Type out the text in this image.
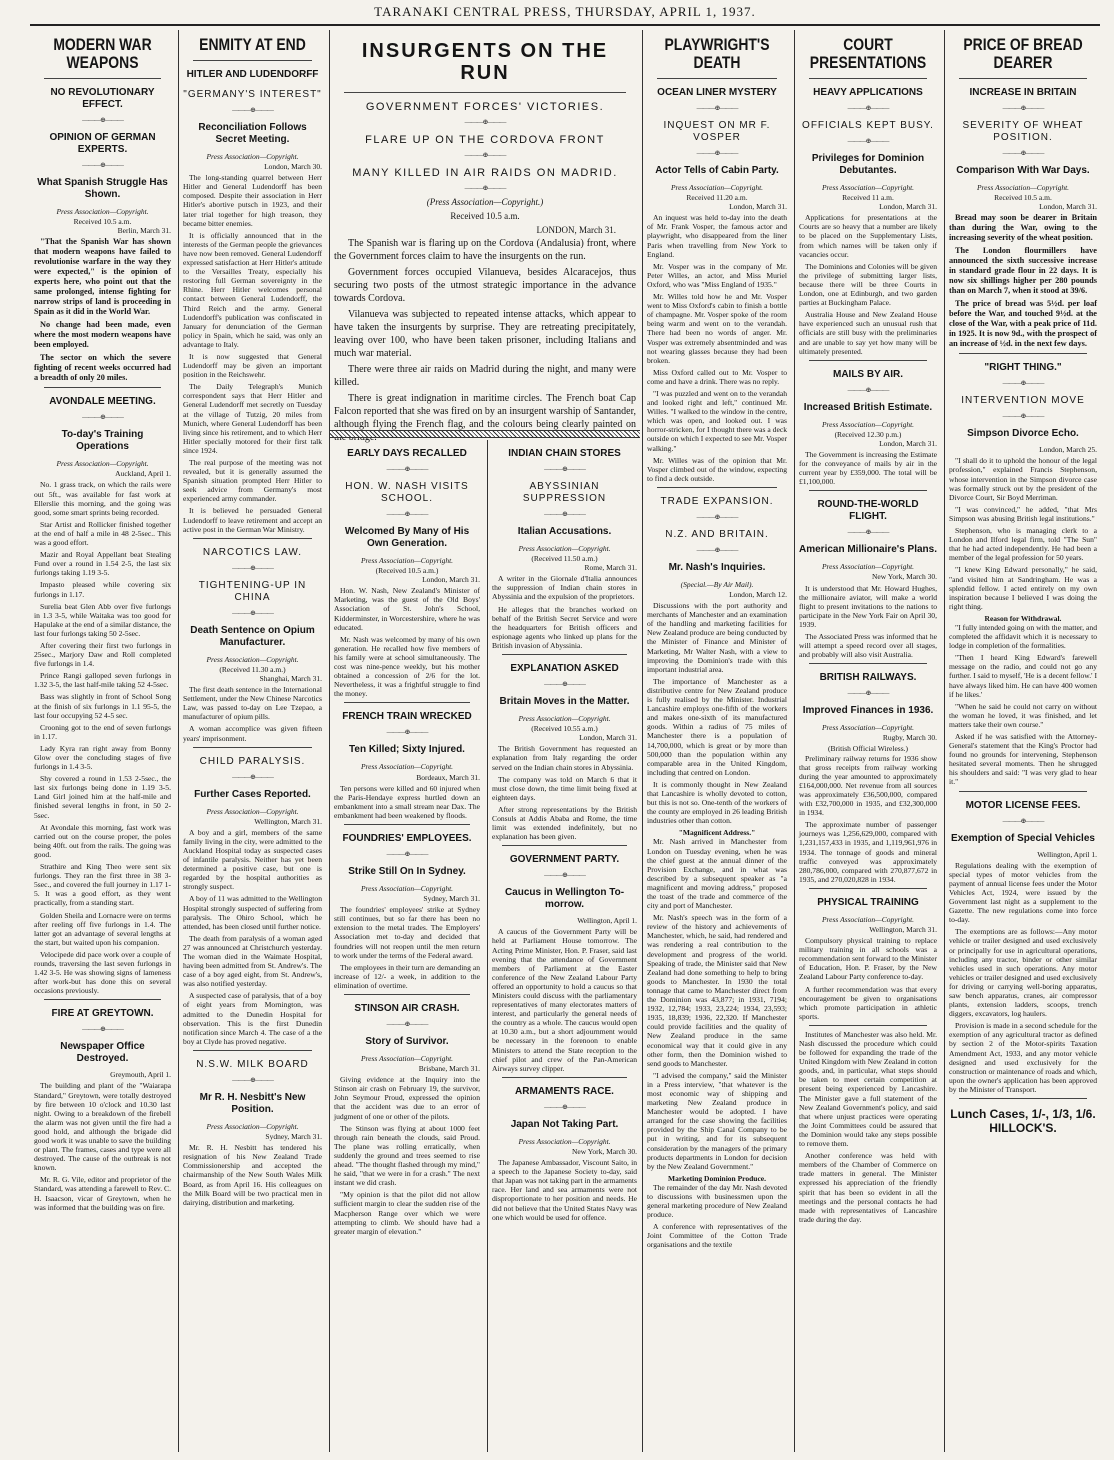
TARANAKI CENTRAL PRESS, THURSDAY, APRIL 1, 1937.
MODERN WAR WEAPONS
NO REVOLUTIONARY EFFECT.
———⊕———
OPINION OF GERMAN EXPERTS.
———⊕———
What Spanish Struggle Has Shown.
Press Association—Copyright.
Received 10.5 a.m.
Berlin, March 31.

"That the Spanish War has shown that modern weapons have failed to revolutionise warfare in the way they were expected," is the opinion of experts here, who point out that the same prolonged, intense fighting for narrow strips of land is proceeding in Spain as it did in the World War.

No change had been made, even where the most modern weapons have been employed.

The sector on which the severe fighting of recent weeks occurred had a breadth of only 20 miles.

AVONDALE MEETING.
———⊕———
To-day's Training Operations
Press Association—Copyright.
Auckland, April 1.

No. 1 grass track, on which the rails were out 5ft., was available for fast work at Ellerslie this morning, and the going was good, some smart sprints being recorded.

Star Artist and Rollicker finished together at the end of half a mile in 48 2-5sec.. This was a good effort.

Mazir and Royal Appellant beat Stealing Fund over a round in 1.54 2-5, the last six furlongs taking 1.19 3-5.

Impasto pleased while covering six furlongs in 1.17.

Surelia beat Glen Abb over five furlongs in 1.3 3-5, while Waitaka was too good for Hapulake at the end of a similar distance, the last four furlongs taking 50 2-5sec.

After covering their first two furlongs in 25sec., Marjory Daw and Roll completed five furlongs in 1.4.

Prince Rangi galloped seven furlongs in 1.32 3-5, the last half-mile taking 52 4-5sec.

Bass was slightly in front of School Song at the finish of six furlongs in 1.1 95-5, the last four occupying 52 4-5 sec.

Crooning got to the end of seven furlongs in 1.17.

Lady Kyra ran right away from Bonny Glow over the concluding stages of five furlongs in 1.4 3-5.

Shy covered a round in 1.53 2-5sec., the last six furlongs being done in 1.19 3-5. Land Girl joined him at the half-mile and finished several lengths in front, in 50 2-5sec.

At Avondale this morning, fast work was carried out on the course proper, the poles being 40ft. out from the rails. The going was good.

Strathire and King Theo were sent six furlongs. They ran the first three in 38 3-5sec., and covered the full journey in 1.17 1-5. It was a good effort, as they went practically, from a standing start.

Golden Sheila and Lornacre were on terms after reeling off five furlongs in 1.4. The latter got an advantage of several lengths at the start, but waited upon his companion.

Velocipede did pace work over a couple of rounds, traversing the last seven furlongs in 1.42 3-5. He was showing signs of lameness after work-but has done this on several occasions previously.

FIRE AT GREYTOWN.
———⊕———
Newspaper Office Destroyed.
Greymouth, April 1.

The building and plant of the "Waiarapa Standard," Greytown, were totally destroyed by fire between 10 o'clock and 10.30 last night. Owing to a breakdown of the firebell the alarm was not given until the fire had a good hold, and although the brigade did good work it was unable to save the building or plant. The frames, cases and type were all destroyed. The cause of the outbreak is not known.

Mr. R. G. Vile, editor and proprietor of the Standard, was attending a farewell to Rev. C. H. Isaacson, vicar of Greytown, when he was informed that the building was on fire.

ENMITY AT END
HITLER AND LUDENDORFF
"GERMANY'S INTEREST"
———⊕———
Reconciliation Follows Secret Meeting.
Press Association—Copyright.
London, March 30.

The long-standing quarrel between Herr Hitler and General Ludendorff has been composed. Despite their association in Herr Hitler's abortive putsch in 1923, and their later trial together for high treason, they became bitter enemies.

It is officially announced that in the interests of the German people the grievances have now been removed. General Ludendorff expressed satisfaction at Herr Hitler's attitude to the Versailles Treaty, especially his restoring full German sovereignty in the Rhine. Herr Hitler welcomes personal contact between General Ludendorff, the Third Reich and the army. General Ludendorff's publication was confiscated in January for denunciation of the German policy in Spain, which he said, was only an advantage to Italy.

It is now suggested that General Ludendorff may be given an important position in the Reichswehr.

The Daily Telegraph's Munich correspondent says that Herr Hitler and General Ludendorff met secretly on Tuesday at the village of Tutzig, 20 miles from Munich, where General Ludendorff has been living since his retirement, and to which Herr Hitler specially motored for their first talk since 1924.

The real purpose of the meeting was not revealed, but it is generally assumed the Spanish situation prompted Herr Hitler to seek advice from Germany's most experienced army commander.

It is believed he persuaded General Ludendorff to leave retirement and accept an active post in the German War Ministry.

NARCOTICS LAW.
———⊕———
TIGHTENING-UP IN CHINA
———⊕———
Death Sentence on Opium Manufacturer.
Press Association—Copyright.
(Received 11.30 a.m.)
Shanghai, March 31.

The first death sentence in the International Settlement, under the New Chinese Narcotics Law, was passed to-day on Lee Tzepao, a manufacturer of opium pills.

A woman accomplice was given fifteen years' imprisonment.

CHILD PARALYSIS.
———⊕———
Further Cases Reported.
Press Association—Copyright.
Wellington, March 31.

A boy and a girl, members of the same family living in the city, were admitted to the Auckland Hospital today as suspected cases of infantile paralysis. Neither has yet been determined a positive case, but one is regarded by the hospital authorities as strongly suspect.

A boy of 11 was admitted to the Wellington Hospital strongly suspected of suffering from paralysis. The Ohiro School, which he attended, has been closed until further notice.

The death from paralysis of a woman aged 27 was announced at Christchurch yesterday. The woman died in the Waimate Hospital, having been admitted from St. Andrew's. The case of a boy aged eight, from St. Andrew's, was also notified yesterday.

A suspected case of paralysis, that of a boy of eight years from Mornington, was admitted to the Dunedin Hospital for observation. This is the first Dunedin notification since March 4. The case of a the boy at Clyde has proved negative.

N.S.W. MILK BOARD
———⊕———
Mr R. H. Nesbitt's New Position.
Press Association—Copyright.
Sydney, March 31.

Mr. R. H. Nesbitt has tendered his resignation of his New Zealand Trade Commissionership and accepted the chairmanship of the New South Wales Milk Board, as from April 16. His colleagues on the Milk Board will be two practical men in dairying, distribution and marketing.

INSURGENTS ON THE RUN
GOVERNMENT FORCES' VICTORIES.
———⊕———
FLARE UP ON THE CORDOVA FRONT
———⊕———
MANY KILLED IN AIR RAIDS ON MADRID.
———⊕———
(Press Association—Copyright.)
Received 10.5 a.m.
LONDON, March 31.

The Spanish war is flaring up on the Cordova (Andalusia) front, where the Government forces claim to have the insurgents on the run.

Government forces occupied Vilanueva, besides Alcaracejos, thus securing two posts of the utmost strategic importance in the advance towards Cordova.

Vilanueva was subjected to repeated intense attacks, which appear to have taken the insurgents by surprise. They are retreating precipitately, leaving over 100, who have been taken prisoner, including Italians and much war material.

There were three air raids on Madrid during the night, and many were killed.

There is great indignation in maritime circles. The French boat Cap Falcon reported that she was fired on by an insurgent warship of Santander, although flying the French flag, and the colours being clearly painted on

EARLY DAYS RECALLED
———⊕———
HON. W. NASH VISITS SCHOOL.
———⊕———
Welcomed By Many of His Own Generation.
Press Association—Copyright.
(Received 10.5 a.m.)
London, March 31.

Hon. W. Nash, New Zealand's Minister of Marketing, was the guest of the Old Boys' Association of St. John's School, Kidderminster, in Worcestershire, where he was educated.

Mr. Nash was welcomed by many of his own generation. He recalled how five members of his family were at school simultaneously. The cost was nine-pence weekly, but his mother obtained a concession of 2/6 for the lot. Nevertheless, it was a frightful struggle to find the money.

FRENCH TRAIN WRECKED
———⊕———
Ten Killed; Sixty Injured.
Press Association—Copyright.
Bordeaux, March 31.

Ten persons were killed and 60 injured when the Paris-Hendaye express hurtled down an embankment into a small stream near Dax. The embankment had been weakened by floods.

FOUNDRIES' EMPLOYEES.
———⊕———
Strike Still On In Sydney.
Press Association—Copyright.
Sydney, March 31.

The foundries' employees' strike at Sydney still continues, but so far there has been no extension to the metal trades. The Employers' Association met to-day and decided that foundries will not reopen until the men return to work under the terms of the Federal award.

The employees in their turn are demanding an increase of 12/- a week, in addition to the elimination of overtime.

STINSON AIR CRASH.
———⊕———
Story of Survivor.
Press Association—Copyright.
Brisbane, March 31.

Giving evidence at the Inquiry into the Stinson air crash on February 19, the survivor, John Seymour Proud, expressed the opinion that the accident was due to an error of judgment of one or other of the pilots.

The Stinson was flying at about 1000 feet through rain beneath the clouds, said Proud. The plane was rolling erratically, when suddenly the ground and trees seemed to rise ahead. "The thought flashed through my mind," he said, "that we were in for a crash." The next instant we did crash.

"My opinion is that the pilot did not allow sufficient margin to clear the sudden rise of the Macpherson Range over which we were attempting to climb. We should have had a greater margin of elevation."

INDIAN CHAIN STORES
———⊕———
ABYSSINIAN SUPPRESSION
———⊕———
Italian Accusations.
Press Association—Copyright.
(Received 11.50 a.m.)
Rome, March 31.

A writer in the Giornale d'Italia announces the suppression of Indian chain stores in Abyssinia and the expulsion of the proprietors.

He alleges that the branches worked on behalf of the British Secret Service and were the headquarters for British officers and espionage agents who linked up plans for the British invasion of Abyssinia.

EXPLANATION ASKED
———⊕———
Britain Moves in the Matter.
Press Association—Copyright.
(Received 10.55 a.m.)
London, March 31.

The British Government has requested an explanation from Italy regarding the order served on the Indian chain stores in Abyssinia.

The company was told on March 6 that it must close down, the time limit being fixed at eighteen days.

After strong representations by the British Consuls at Addis Ababa and Rome, the time limit was extended indefinitely, but no explanation has been given.

GOVERNMENT PARTY.
———⊕———
Caucus in Wellington To-morrow.
Wellington, April 1.

A caucus of the Government Party will be held at Parliament House tomorrow. The Acting Prime Minister, Hon. P. Fraser, said last evening that the attendance of Government members of Parliament at the Easter conference of the New Zealand Labour Party offered an opportunity to hold a caucus so that Ministers could discuss with the parliamentary representatives of many electorates matters of interest, and particularly the general needs of the country as a whole. The caucus would open at 10.30 a.m., but a short adjournment would be necessary in the forenoon to enable Ministers to attend the State reception to the chief pilot and crew of the Pan-American Airways survey clipper.

ARMAMENTS RACE.
———⊕———
Japan Not Taking Part.
Press Association—Copyright.
New York, March 30.

The Japanese Ambassador, Viscount Saito, in a speech to the Japanese Society to-day, said that Japan was not taking part in the armaments race. Her land and sea armaments were not disproportionate to her position and needs. He did not believe that the United States Navy was one which would be used for offence.

PLAYWRIGHT'S DEATH
OCEAN LINER MYSTERY
———⊕———
INQUEST ON MR F. VOSPER
———⊕———
Actor Tells of Cabin Party.
Press Association—Copyright.
Received 11.20 a.m.
London, March 31.

An inquest was held to-day into the death of Mr. Frank Vosper, the famous actor and playwright, who disappeared from the liner Paris when travelling from New York to England.

Mr. Vosper was in the company of Mr. Peter Willes, an actor, and Miss Muriel Oxford, who was "Miss England of 1935."

Mr. Willes told how he and Mr. Vosper went to Miss Oxford's cabin to finish a bottle of champagne. Mr. Vosper spoke of the room being warm and went on to the verandah. There had been no words of anger. Mr. Vosper was extremely absentminded and was not wearing glasses because they had been broken.

Miss Oxford called out to Mr. Vosper to come and have a drink. There was no reply.

"I was puzzled and went on to the verandah and looked right and left," continued Mr. Willes. "I walked to the window in the centre, which was open, and looked out. I was horror-stricken, for I thought there was a deck outside on which I expected to see Mr. Vosper walking."

Mr. Willes was of the opinion that Mr. Vosper climbed out of the window, expecting to find a deck outside.

TRADE EXPANSION.
———⊕———
N.Z. AND BRITAIN.
———⊕———
Mr. Nash's Inquiries.
(Special.—By Air Mail).
London, March 12.

Discussions with the port authority and merchants of Manchester and an examination of the handling and marketing facilities for New Zealand produce are being conducted by the Minister of Finance and Minister of Marketing, Mr Walter Nash, with a view to improving the Dominion's trade with this important industrial area.

The importance of Manchester as a distributive centre for New Zealand produce is fully realised by the Minister. Industrial Lancashire employs one-fifth of the workers and makes one-sixth of its manufactured goods. Within a radius of 75 miles of Manchester there is a population of 14,700,000, which is great or by more than 500,000 than the population within any comparable area in the United Kingdom, including that centred on London.

It is commonly thought in New Zealand that Lancashire is wholly devoted to cotton, but this is not so. One-tenth of the workers of the county are employed in 26 leading British industries other than cotton.

"Magnificent Address."

Mr. Nash arrived in Manchester from London on Tuesday evening, when he was the chief guest at the annual dinner of the Provision Exchange, and in what was described by a subsequent speaker as "a magnificent and moving address," proposed the toast of the trade and commerce of the city and port of Manchester.

Mr. Nash's speech was in the form of a review of the history and achievements of Manchester, which, he said, had rendered and was rendering a real contribution to the development and progress of the world. Speaking of trade, the Minister said that New Zealand had done something to help to bring goods to Manchester. In 1930 the total tonnage that came to Manchester direct from the Dominion was 43,877; in 1931, 7194; 1932, 12,784; 1933, 23,224; 1934, 23,593; 1935, 18,839; 1936, 22,320. If Manchester could provide facilities and the quality of New Zealand produce in the same economical way that it could give in any other form, then the Dominion wished to send goods to Manchester.

"I advised the company," said the Minister in a Press interview, "that whatever is the most economic way of shipping and marketing New Zealand produce in Manchester would be adopted. I have arranged for the case showing the facilities provided by the Ship Canal Company to be put in writing, and for its subsequent consideration by the managers of the primary products departments in London for decision by the New Zealand Government."

Marketing Dominion Produce.

The remainder of the day Mr. Nash devoted to discussions with businessmen upon the general marketing procedure of New Zealand produce.

A conference with representatives of the Joint Committee of the Cotton Trade organisations and the textile

COURT PRESENTATIONS
HEAVY APPLICATIONS
———⊕———
OFFICIALS KEPT BUSY.
———⊕———
Privileges for Dominion Debutantes.
Press Association—Copyright.
Received 11 a.m.
London, March 31.

Applications for presentations at the Courts are so heavy that a number are likely to be placed on the Supplementary Lists, from which names will be taken only if vacancies occur.

The Dominions and Colonies will be given the privilege of submitting larger lists, because there will be three Courts in London, one at Edinburgh, and two garden parties at Buckingham Palace.

Australia House and New Zealand House have experienced such an unusual rush that officials are still busy with the preliminaries and are unable to say yet how many will be ultimately presented.

MAILS BY AIR.
———⊕———
Increased British Estimate.
Press Association—Copyright.
(Received 12.30 p.m.)
London, March 31.

The Government is increasing the Estimate for the conveyance of mails by air in the current year by £359,000. The total will be £1,100,000.

ROUND-THE-WORLD FLIGHT.
———⊕———
American Millionaire's Plans.
Press Association—Copyright.
New York, March 30.

It is understood that Mr. Howard Hughes, the millionaire aviator, will make a world flight to present invitations to the nations to participate in the New York Fair on April 30, 1939.

The Associated Press was informed that he will attempt a speed record over all stages, and probably will also visit Australia.

BRITISH RAILWAYS.
———⊕———
Improved Finances in 1936.
Press Association—Copyright.
Rugby, March 30.
(British Official Wireless.)

Preliminary railway returns for 1936 show that gross receipts from railway working during the year amounted to approximately £164,000,000. Net revenue from all sources was approximately £36,500,000, compared with £32,700,000 in 1935, and £32,300,000 in 1934.

The approximate number of passenger journeys was 1,256,629,000, compared with 1,231,157,433 in 1935, and 1,119,961,976 in 1934. The tonnage of goods and mineral traffic conveyed was approximately 280,786,000, compared with 270,877,672 in 1935, and 270,020,828 in 1934.

PHYSICAL TRAINING
Press Association—Copyright.
Wellington, March 31.

Compulsory physical training to replace military training in all schools was a recommendation sent forward to the Minister of Education, Hon. P. Fraser, by the New Zealand Labour Party conference to-day.

A further recommendation was that every encouragement be given to organisations which promote participation in athletic sports.

Institutes of Manchester was also held. Mr. Nash discussed the procedure which could be followed for expanding the trade of the United Kingdom with New Zealand in cotton goods, and, in particular, what steps should be taken to meet certain competition at present being experienced by Lancashire. The Minister gave a full statement of the New Zealand Government's policy, and said that where unjust practices were operating the Joint Committees could be assured that the Dominion would take any steps possible to remove them.

Another conference was held with members of the Chamber of Commerce on trade matters in general. The Minister expressed his appreciation of the friendly spirit that has been so evident in all the meetings and the personal contacts he had made with representatives of Lancashire trade during the day.

PRICE OF BREAD DEARER
INCREASE IN BRITAIN
———⊕———
SEVERITY OF WHEAT POSITION.
———⊕———
Comparison With War Days.
Press Association—Copyright.
Received 10.5 a.m.
London, March 31.

Bread may soon be dearer in Britain than during the War, owing to the increasing severity of the wheat position.

The London flourmillers have announced the sixth successive increase in standard grade flour in 22 days. It is now six shillings higher per 280 pounds than on March 7, when it stood at 39/6.

The price of bread was 5½d. per loaf before the War, and touched 9½d. at the close of the War, with a peak price of 11d. in 1925. It is now 9d., with the prospect of an increase of ½d. in the next few days.

"RIGHT THING."
———⊕———
INTERVENTION MOVE
———⊕———
Simpson Divorce Echo.
London, March 25.

"I shall do it to uphold the honour of the legal profession," explained Francis Stephenson, whose intervention in the Simpson divorce case was formally struck out by the president of the Divorce Court, Sir Boyd Merriman.

"I was convinced," he added, "that Mrs Simpson was abusing British legal institutions."

Stephenson, who is managing clerk to a London and Ilford legal firm, told "The Sun" that he had acted independently. He had been a member of the legal profession for 50 years.

"I knew King Edward personally," he said, "and visited him at Sandringham. He was a splendid fellow. I acted entirely on my own inspiration because I believed I was doing the right thing.

Reason for Withdrawal.

"I fully intended going on with the matter, and completed the affidavit which it is necessary to lodge in completion of the formalities.

"Then I heard King Edward's farewell message on the radio, and could not go any further. I said to myself, 'He is a decent fellow.' I have always liked him. He can have 400 women if he likes.'

"When he said he could not carry on without the woman he loved, it was finished, and let matters take their own course."

Asked if he was satisfied with the Attorney-General's statement that the King's Proctor had found no grounds for intervening, Stephenson hesitated several moments. Then he shrugged his shoulders and said: "I was very glad to hear it."

MOTOR LICENSE FEES.
———⊕———
Exemption of Special Vehicles
Wellington, April 1.

Regulations dealing with the exemption of special types of motor vehicles from the payment of annual license fees under the Motor Vehicles Act, 1924, were issued by the Government last night as a supplement to the Gazette. The new regulations come into force to-day.

The exemptions are as follows:—Any motor vehicle or trailer designed and used exclusively or principally for use in agricultural operations, including any tractor, binder or other similar vehicles used in such operations. Any motor vehicles or trailer designed and used exclusively for driving or carrying well-boring apparatus, saw bench apparatus, cranes, air compressor plants, extension ladders, scoops, trench diggers, excavators, log haulers.

Provision is made in a second schedule for the exemption of any agricultural tractor as defined by section 2 of the Motor-spirits Taxation Amendment Act, 1933, and any motor vehicle designed and used exclusively for the construction or maintenance of roads and which, upon the owner's application has been approved by the Minister of Transport.

Lunch Cases, 1/-, 1/3, 1/6. HILLOCK'S.
